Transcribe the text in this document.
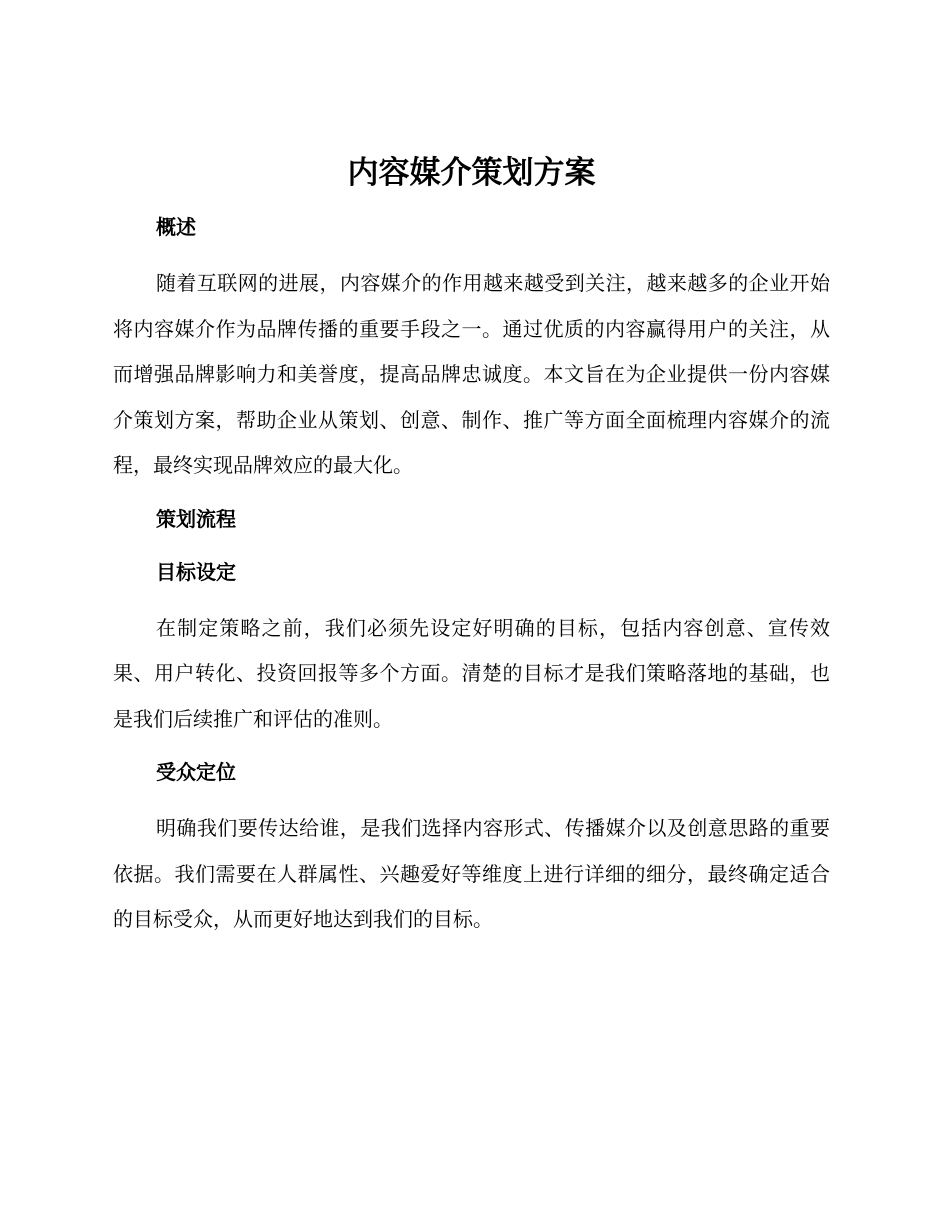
内容媒介策划方案
概述

随着互联网的进展，内容媒介的作用越来越受到关注，越来越多的企业开始将内容媒介作为品牌传播的重要手段之一。通过优质的内容赢得用户的关注，从而增强品牌影响力和美誉度，提高品牌忠诚度。本文旨在为企业提供一份内容媒介策划方案，帮助企业从策划、创意、制作、推广等方面全面梳理内容媒介的流程，最终实现品牌效应的最大化。

策划流程
目标设定

在制定策略之前，我们必须先设定好明确的目标，包括内容创意、宣传效果、用户转化、投资回报等多个方面。清楚的目标才是我们策略落地的基础，也是我们后续推广和评估的准则。

受众定位

明确我们要传达给谁，是我们选择内容形式、传播媒介以及创意思路的重要依据。我们需要在人群属性、兴趣爱好等维度上进行详细的细分，最终确定适合的目标受众，从而更好地达到我们的目标。
